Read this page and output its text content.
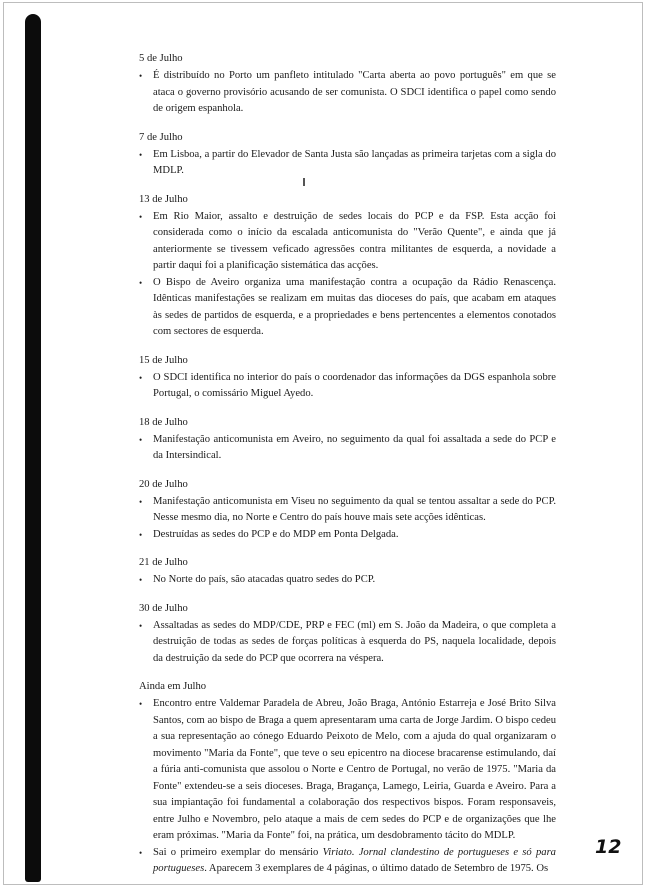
5 de Julho
• É distribuído no Porto um panfleto intitulado "Carta aberta ao povo português" em que se ataca o governo provisório acusando de ser comunista. O SDCI identifica o papel como sendo de origem espanhola.
7 de Julho
• Em Lisboa, a partir do Elevador de Santa Justa são lançadas as primeira tarjetas com a sigla do MDLP.
13 de Julho
• Em Rio Maior, assalto e destruição de sedes locais do PCP e da FSP. Esta acção foi considerada como o início da escalada anticomunista do "Verão Quente", e ainda que já anteriormente se tivessem veficado agressões contra militantes de esquerda, a novidade a partir daqui foi a planificação sistemática das acções.
• O Bispo de Aveiro organiza uma manifestação contra a ocupação da Rádio Renascença. Idênticas manifestações se realizam em muitas das dioceses do país, que acabam em ataques às sedes de partidos de esquerda, e a propriedades e bens pertencentes a elementos conotados com sectores de esquerda.
15 de Julho
• O SDCI identifica no interior do país o coordenador das informações da DGS espanhola sobre Portugal, o comissário Miguel Ayedo.
18 de Julho
• Manifestação anticomunista em Aveiro, no seguimento da qual foi assaltada a sede do PCP e da Intersindical.
20 de Julho
• Manifestação anticomunista em Viseu no seguimento da qual se tentou assaltar a sede do PCP. Nesse mesmo dia, no Norte e Centro do país houve mais sete acções idênticas.
• Destruídas as sedes do PCP e do MDP em Ponta Delgada.
21 de Julho
• No Norte do país, são atacadas quatro sedes do PCP.
30 de Julho
• Assaltadas as sedes do MDP/CDE, PRP e FEC (ml) em S. João da Madeira, o que completa a destruição de todas as sedes de forças políticas à esquerda do PS, naquela localidade, depois da destruição da sede do PCP que ocorrera na véspera.
Ainda em Julho
• Encontro entre Valdemar Paradela de Abreu, João Braga, António Estarreja e José Brito Silva Santos, com ao bispo de Braga a quem apresentaram uma carta de Jorge Jardim. O bispo cedeu a sua representação ao cónego Eduardo Peixoto de Melo, com a ajuda do qual organizaram o movimento "Maria da Fonte", que teve o seu epicentro na diocese bracarense estimulando, daí a fúria anti-comunista que assolou o Norte e Centro de Portugal, no verão de 1975. "Maria da Fonte" extendeu-se a seis dioceses. Braga, Bragança, Lamego, Leiria, Guarda e Aveiro. Para a sua impiantação foi fundamental a colaboração dos respectivos bispos. Foram responsaveis, entre Julho e Novembro, pelo ataque a mais de cem sedes do PCP e de organizações que lhe eram próximas. "Maria da Fonte" foi, na prática, um desdobramento tácito do MDLP.
• Sai o primeiro exemplar do mensário Viriato. Jornal clandestino de portugueses e só para portugueses. Aparecem 3 exemplares de 4 páginas, o último datado de Setembro de 1975. Os
12
